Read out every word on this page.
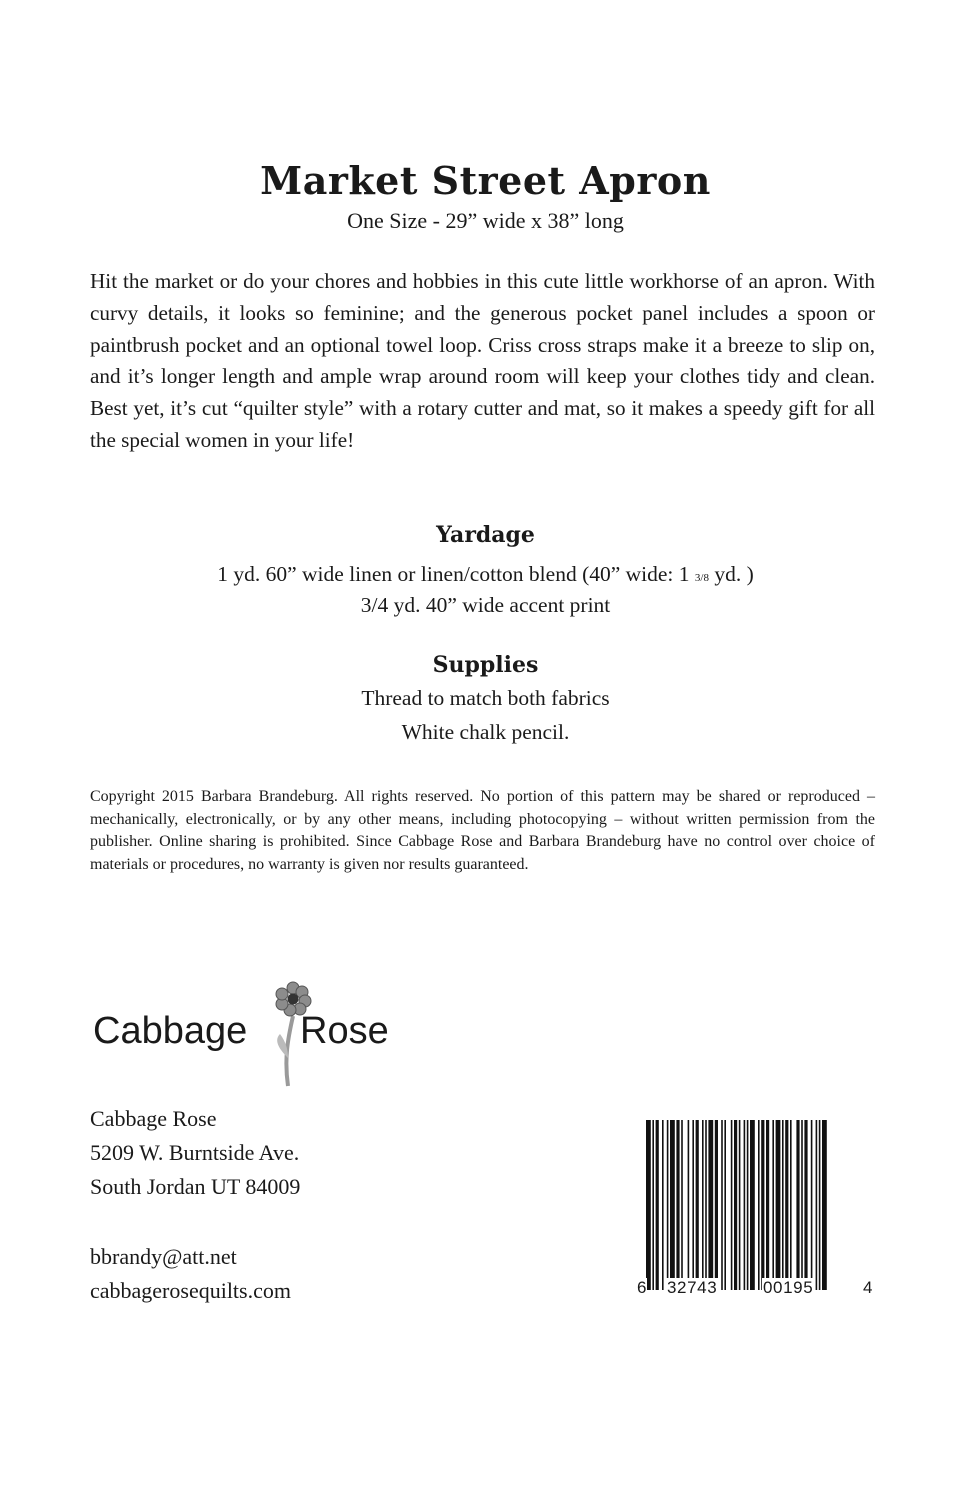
Market Street Apron
One Size - 29” wide x 38” long
Hit the market or do your chores and hobbies in this cute little workhorse of an apron. With curvy details, it looks so feminine; and the generous pocket panel includes a spoon or paintbrush pocket and an optional towel loop. Criss cross straps make it a breeze to slip on, and it’s longer length and ample wrap around room will keep your clothes tidy and clean. Best yet, it’s cut “quilter style” with a rotary cutter and mat, so it makes a speedy gift for all the special women in your life!
Yardage
1 yd. 60” wide linen or linen/cotton blend (40” wide: 1 3/8 yd. )
3/4 yd. 40” wide accent print
Supplies
Thread to match both fabrics
White chalk pencil.
Copyright 2015 Barbara Brandeburg. All rights reserved. No portion of this pattern may be shared or reproduced – mechanically, electronically, or by any other means, including photocopying – without written permission from the publisher. Online sharing is prohibited. Since Cabbage Rose and Barbara Brandeburg have no control over choice of materials or procedures, no warranty is given nor results guaranteed.
Cabbage Rose
Cabbage Rose
5209 W. Burntside Ave.
South Jordan UT 84009
bbrandy@att.net
cabbagerosequilts.com	6 32743	00195	4
